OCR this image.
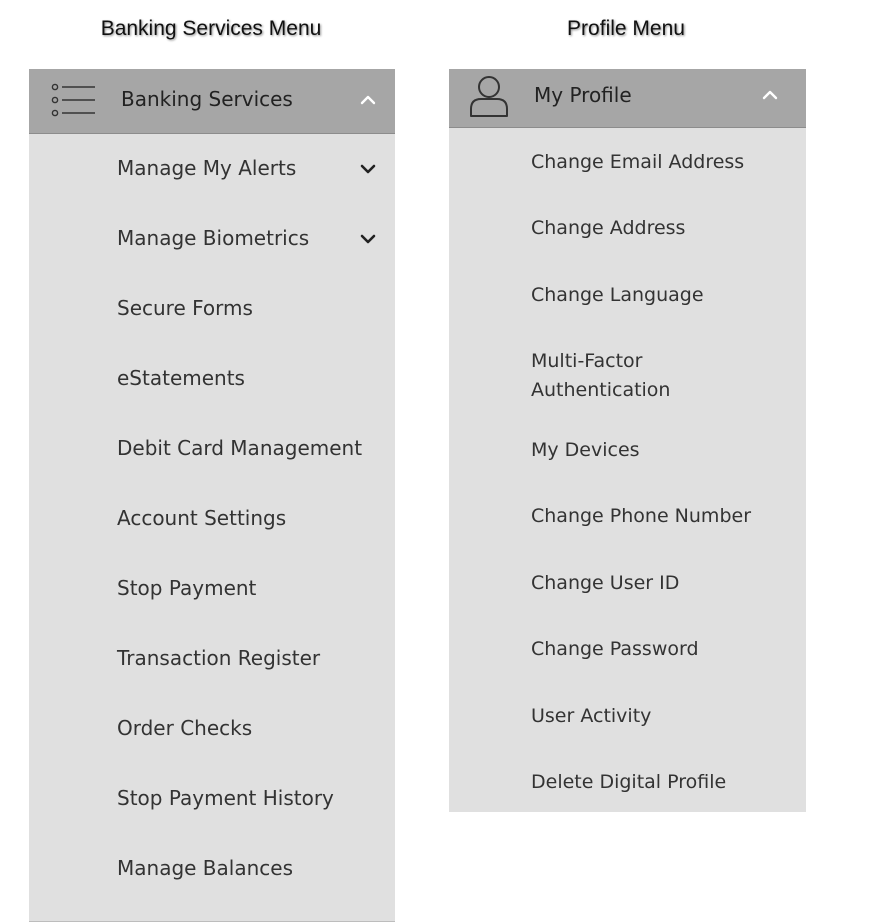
Banking Services Menu	Profile Menu
Banking Services
Manage My Alerts
Manage Biometrics
Secure Forms
eStatements
Debit Card Management
Account Settings
Stop Payment
Transaction Register
Order Checks
Stop Payment History
Manage Balances
My Profile
Change Email Address
Change Address
Change Language
Multi-Factor Authentication
My Devices
Change Phone Number
Change User ID
Change Password
User Activity
Delete Digital Profile
